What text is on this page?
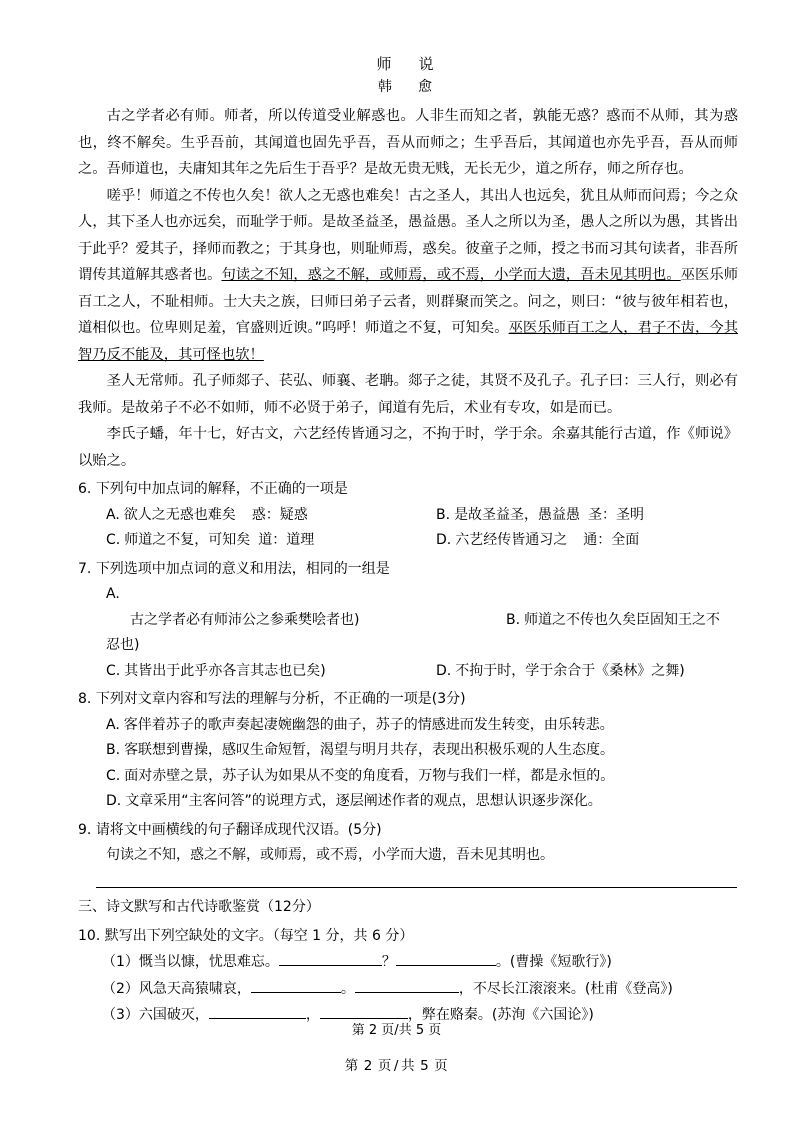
师　说
韩　愈

古之学者必有师。师者，所以传道受业解惑也。人非生而知之者，孰能无惑？惑而不从师，其为惑也，终不解矣。生乎吾前，其闻道也固先乎吾，吾从而师之；生乎吾后，其闻道也亦先乎吾，吾从而师之。吾师道也，夫庸知其年之先后生于吾乎？是故无贵无贱，无长无少，道之所存，师之所存也。

嗟乎！师道之不传也久矣！欲人之无惑也难矣！古之圣人，其出人也远矣，犹且从师而问焉；今之众人，其下圣人也亦远矣，而耻学于师。是故圣益圣，愚益愚。圣人之所以为圣，愚人之所以为愚，其皆出于此乎？爱其子，择师而教之；于其身也，则耻师焉，惑矣。彼童子之师，授之书而习其句读者，非吾所谓传其道解其惑者也。句读之不知，惑之不解，或师焉，或不焉，小学而大遗，吾未见其明也。巫医乐师百工之人，不耻相师。士大夫之族，曰师曰弟子云者，则群聚而笑之。问之，则曰：“彼与彼年相若也，道相似也。位卑则足羞，官盛则近谀。”呜呼！师道之不复，可知矣。巫医乐师百工之人，君子不齿，今其智乃反不能及，其可怪也欤！

圣人无常师。孔子师郯子、苌弘、师襄、老聃。郯子之徒，其贤不及孔子。孔子曰：三人行，则必有我师。是故弟子不必不如师，师不必贤于弟子，闻道有先后，术业有专攻，如是而已。

李氏子蟠，年十七，好古文，六艺经传皆通习之，不拘于时，学于余。余嘉其能行古道，作《师说》以贻之。

6. 下列句中加点词的解释，不正确的一项是
A. 欲人之无惑也难矣 惑：疑惑	B. 是故圣益圣，愚益愚 圣：圣明
C. 师道之不复，可知矣 道：道理	D. 六艺经传皆通习之 通：全面
7. 下列选项中加点词的意义和用法，相同的一组是
A.
古之学者必有师沛公之参乘樊哙者也)	B. 师道之不传也久矣臣固知王之不
忍也)
C. 其皆出于此乎亦各言其志也已矣)	D. 不拘于时，学于余合于《桑林》之舞)
8. 下列对文章内容和写法的理解与分析，不正确的一项是(3分)
A. 客伴着苏子的歌声奏起凄婉幽怨的曲子，苏子的情感进而发生转变，由乐转悲。
B. 客联想到曹操，感叹生命短暂，渴望与明月共存，表现出积极乐观的人生态度。
C. 面对赤壁之景，苏子认为如果从不变的角度看，万物与我们一样，都是永恒的。
D. 文章采用“主客问答”的说理方式，逐层阐述作者的观点，思想认识逐步深化。
9. 请将文中画横线的句子翻译成现代汉语。(5分)
句读之不知，惑之不解，或师焉，或不焉，小学而大遗，吾未见其明也。
三、诗文默写和古代诗歌鉴赏（12分）
10. 默写出下列空缺处的文字。（每空 1 分，共 6 分）
（1）慨当以慷，忧思难忘。	？	。(曹操《短歌行》)
（2）风急天高猿啸哀，	。	，不尽长江滚滚来。(杜甫《登高》)
（3）六国破灭，	，	，弊在赂秦。(苏洵《六国论》)
第 2 页/共 5 页
第 2 页 / 共 5 页
